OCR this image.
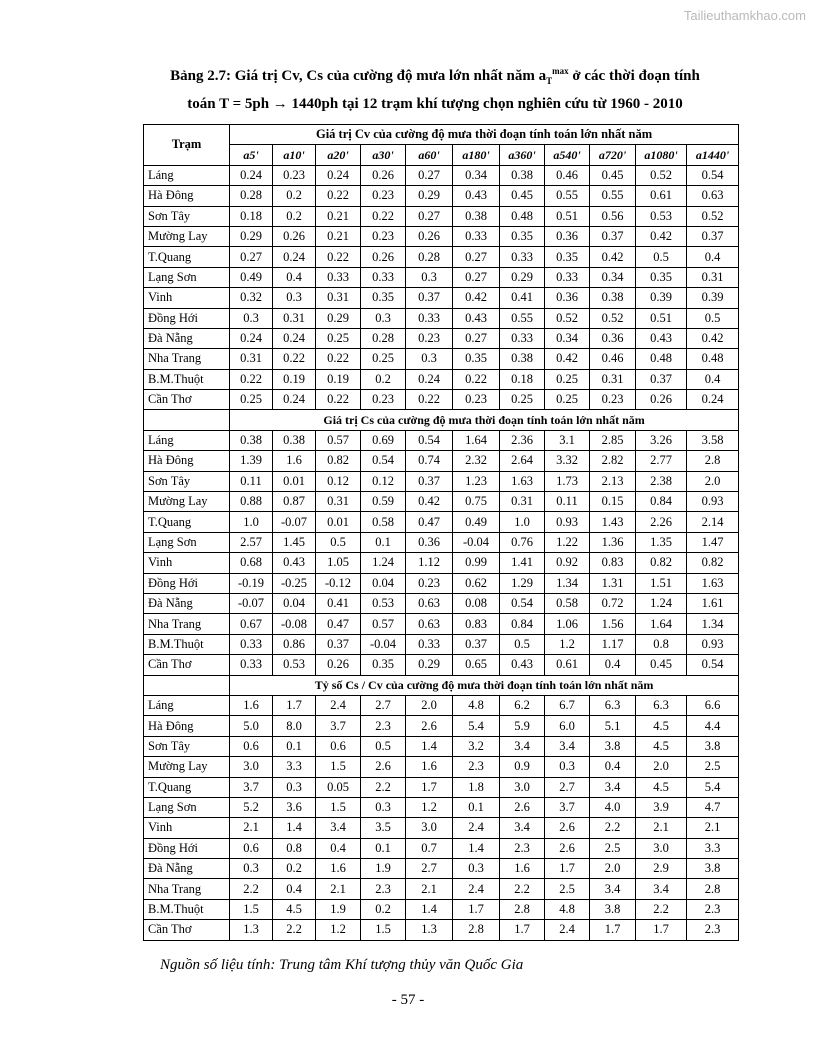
Tailieuthamkhao.com
Bảng 2.7: Giá trị Cv, Cs của cường độ mưa lớn nhất năm $a_T^{max}$ ở các thời đoạn tính
toán T = 5ph → 1440ph tại 12 trạm khí tượng chọn nghiên cứu từ 1960 - 2010
Trạm	Giá trị Cv của cường độ mưa thời đoạn tính toán lớn nhất năm										
	a5'	a10'	a20'	a30'	a60'	a180'	a360'	a540'	a720'	a1080'	a1440'
Láng	0.24	0.23	0.24	0.26	0.27	0.34	0.38	0.46	0.45	0.52	0.54
Hà Đông	0.28	0.2	0.22	0.23	0.29	0.43	0.45	0.55	0.55	0.61	0.63
Sơn Tây	0.18	0.2	0.21	0.22	0.27	0.38	0.48	0.51	0.56	0.53	0.52
Mường Lay	0.29	0.26	0.21	0.23	0.26	0.33	0.35	0.36	0.37	0.42	0.37
T.Quang	0.27	0.24	0.22	0.26	0.28	0.27	0.33	0.35	0.42	0.5	0.4
Lạng Sơn	0.49	0.4	0.33	0.33	0.3	0.27	0.29	0.33	0.34	0.35	0.31
Vinh	0.32	0.3	0.31	0.35	0.37	0.42	0.41	0.36	0.38	0.39	0.39
Đồng Hới	0.3	0.31	0.29	0.3	0.33	0.43	0.55	0.52	0.52	0.51	0.5
Đà Nẵng	0.24	0.24	0.25	0.28	0.23	0.27	0.33	0.34	0.36	0.43	0.42
Nha Trang	0.31	0.22	0.22	0.25	0.3	0.35	0.38	0.42	0.46	0.48	0.48
B.M.Thuột	0.22	0.19	0.19	0.2	0.24	0.22	0.18	0.25	0.31	0.37	0.4
Cần Thơ	0.25	0.24	0.22	0.23	0.22	0.23	0.25	0.25	0.23	0.26	0.24
	Giá trị Cs của cường độ mưa thời đoạn tính toán lớn nhất năm										
Láng	0.38	0.38	0.57	0.69	0.54	1.64	2.36	3.1	2.85	3.26	3.58
Hà Đông	1.39	1.6	0.82	0.54	0.74	2.32	2.64	3.32	2.82	2.77	2.8
Sơn Tây	0.11	0.01	0.12	0.12	0.37	1.23	1.63	1.73	2.13	2.38	2.0
Mường Lay	0.88	0.87	0.31	0.59	0.42	0.75	0.31	0.11	0.15	0.84	0.93
T.Quang	1.0	-0.07	0.01	0.58	0.47	0.49	1.0	0.93	1.43	2.26	2.14
Lạng Sơn	2.57	1.45	0.5	0.1	0.36	-0.04	0.76	1.22	1.36	1.35	1.47
Vinh	0.68	0.43	1.05	1.24	1.12	0.99	1.41	0.92	0.83	0.82	0.82
Đồng Hới	-0.19	-0.25	-0.12	0.04	0.23	0.62	1.29	1.34	1.31	1.51	1.63
Đà Nẵng	-0.07	0.04	0.41	0.53	0.63	0.08	0.54	0.58	0.72	1.24	1.61
Nha Trang	0.67	-0.08	0.47	0.57	0.63	0.83	0.84	1.06	1.56	1.64	1.34
B.M.Thuột	0.33	0.86	0.37	-0.04	0.33	0.37	0.5	1.2	1.17	0.8	0.93
Cần Thơ	0.33	0.53	0.26	0.35	0.29	0.65	0.43	0.61	0.4	0.45	0.54
	Tỷ số Cs / Cv của cường độ mưa thời đoạn tính toán lớn nhất năm										
Láng	1.6	1.7	2.4	2.7	2.0	4.8	6.2	6.7	6.3	6.3	6.6
Hà Đông	5.0	8.0	3.7	2.3	2.6	5.4	5.9	6.0	5.1	4.5	4.4
Sơn Tây	0.6	0.1	0.6	0.5	1.4	3.2	3.4	3.4	3.8	4.5	3.8
Mường Lay	3.0	3.3	1.5	2.6	1.6	2.3	0.9	0.3	0.4	2.0	2.5
T.Quang	3.7	0.3	0.05	2.2	1.7	1.8	3.0	2.7	3.4	4.5	5.4
Lạng Sơn	5.2	3.6	1.5	0.3	1.2	0.1	2.6	3.7	4.0	3.9	4.7
Vinh	2.1	1.4	3.4	3.5	3.0	2.4	3.4	2.6	2.2	2.1	2.1
Đồng Hới	0.6	0.8	0.4	0.1	0.7	1.4	2.3	2.6	2.5	3.0	3.3
Đà Nẵng	0.3	0.2	1.6	1.9	2.7	0.3	1.6	1.7	2.0	2.9	3.8
Nha Trang	2.2	0.4	2.1	2.3	2.1	2.4	2.2	2.5	3.4	3.4	2.8
B.M.Thuột	1.5	4.5	1.9	0.2	1.4	1.7	2.8	4.8	3.8	2.2	2.3
Cần Thơ	1.3	2.2	1.2	1.5	1.3	2.8	1.7	2.4	1.7	1.7	2.3
Nguồn số liệu tính: Trung tâm Khí tượng thủy văn Quốc Gia
- 57 -
